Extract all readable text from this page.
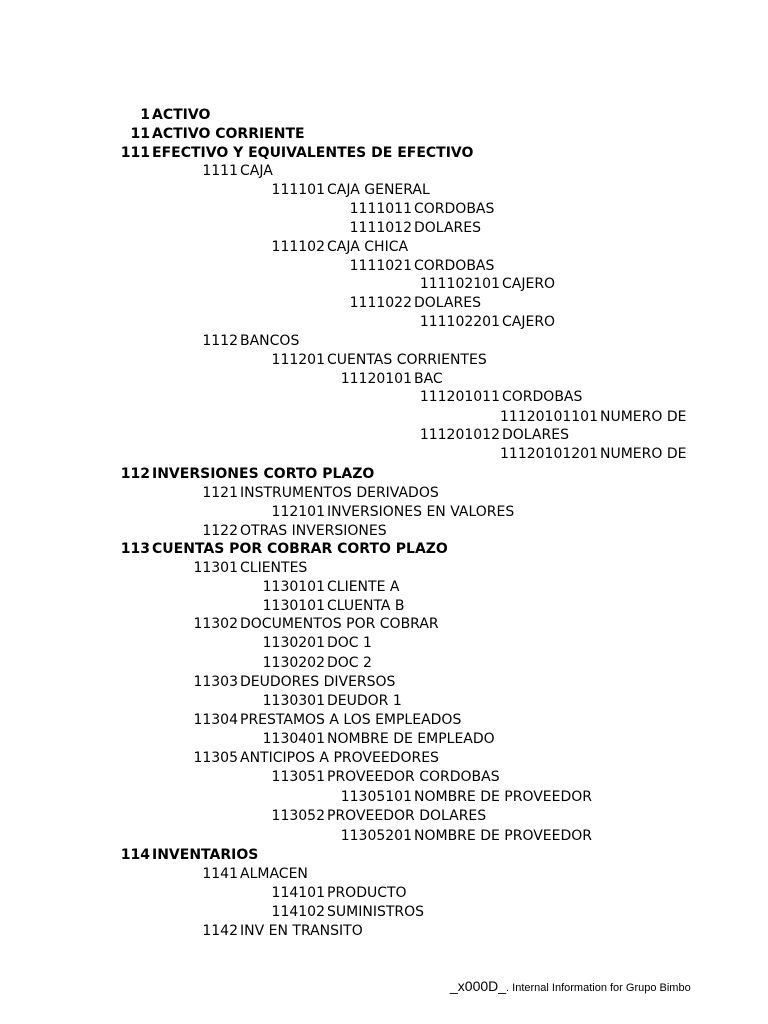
1 ACTIVO
11 ACTIVO CORRIENTE
111 EFECTIVO Y EQUIVALENTES DE EFECTIVO
1111 CAJA
111101 CAJA GENERAL
1111011 CORDOBAS
1111012 DOLARES
111102 CAJA CHICA
1111021 CORDOBAS
111102101 CAJERO
1111022 DOLARES
111102201 CAJERO
1112 BANCOS
111201 CUENTAS CORRIENTES
11120101 BAC
111201011 CORDOBAS
11120101101 NUMERO DE
111201012 DOLARES
11120101201 NUMERO DE
112 INVERSIONES CORTO PLAZO
1121 INSTRUMENTOS DERIVADOS
112101 INVERSIONES EN VALORES
1122 OTRAS INVERSIONES
113 CUENTAS POR COBRAR CORTO PLAZO
11301 CLIENTES
1130101 CLIENTE A
1130101 CLUENTA B
11302 DOCUMENTOS POR COBRAR
1130201 DOC 1
1130202 DOC 2
11303 DEUDORES DIVERSOS
1130301 DEUDOR 1
11304 PRESTAMOS A LOS EMPLEADOS
1130401 NOMBRE DE EMPLEADO
11305 ANTICIPOS A PROVEEDORES
113051 PROVEEDOR CORDOBAS
11305101 NOMBRE DE PROVEEDOR
113052 PROVEEDOR DOLARES
11305201 NOMBRE DE PROVEEDOR
114 INVENTARIOS
1141 ALMACEN
114101 PRODUCTO
114102 SUMINISTROS
1142 INV EN TRANSITO
_x000D_. Internal Information for Grupo Bimbo
